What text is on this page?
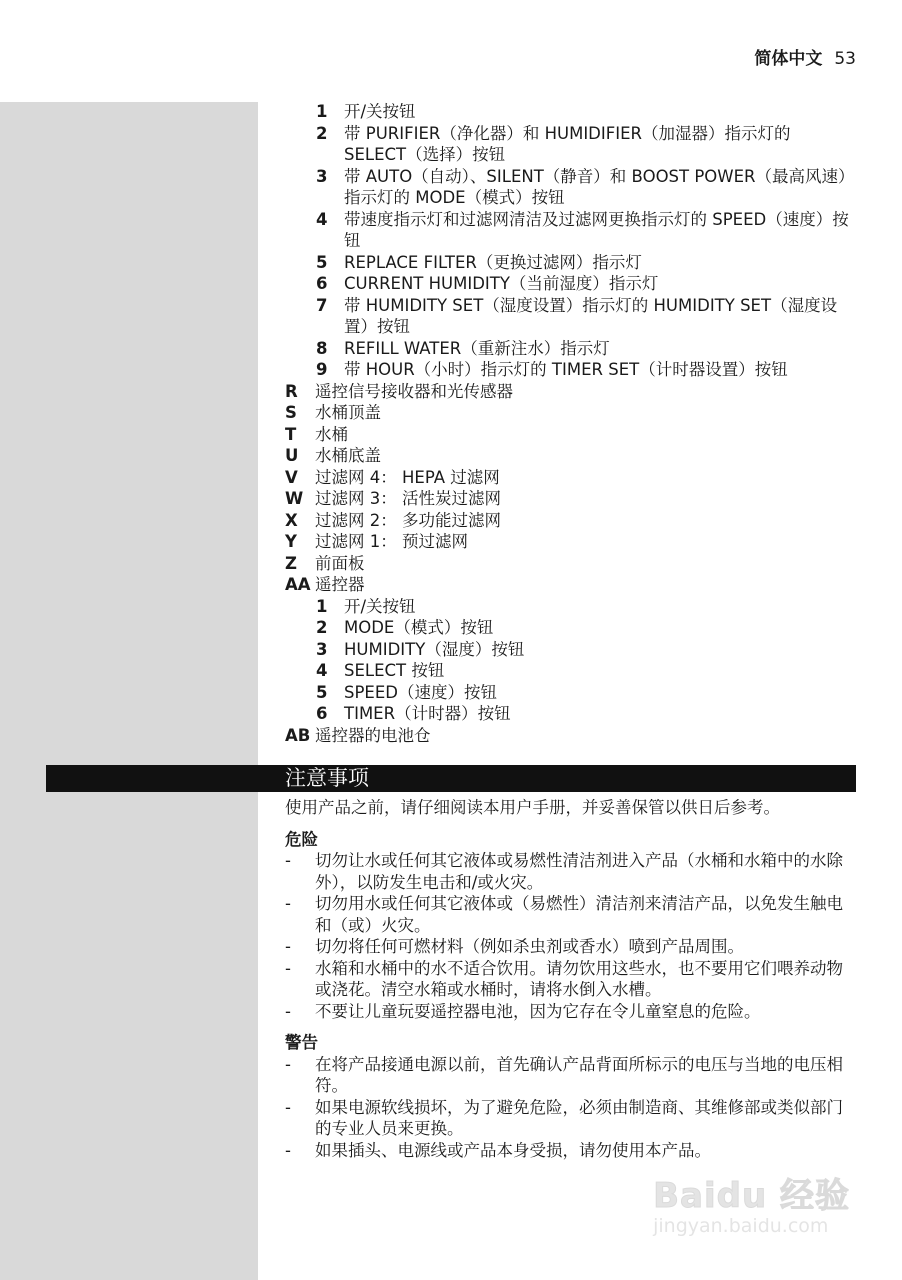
简体中文 53
1	开/关按钮
2	带 PURIFIER（净化器）和 HUMIDIFIER（加湿器）指示灯的 SELECT（选择）按钮
3	带 AUTO（自动）、SILENT（静音）和 BOOST POWER（最高风速）指示灯的 MODE（模式）按钮
4	带速度指示灯和过滤网清洁及过滤网更换指示灯的 SPEED（速度）按钮
5	REPLACE FILTER（更换过滤网）指示灯
6	CURRENT HUMIDITY（当前湿度）指示灯
7	带 HUMIDITY SET（湿度设置）指示灯的 HUMIDITY SET（湿度设置）按钮
8	REFILL WATER（重新注水）指示灯
9	带 HOUR（小时）指示灯的 TIMER SET（计时器设置）按钮
R	遥控信号接收器和光传感器
S	水桶顶盖
T	水桶
U	水桶底盖
V	过滤网 4： HEPA 过滤网
W 过滤网 3： 活性炭过滤网
X	过滤网 2： 多功能过滤网
Y	过滤网 1： 预过滤网
Z	前面板
AA 遥控器
1	开/关按钮
2	MODE（模式）按钮
3	HUMIDITY（湿度）按钮
4	SELECT 按钮
5	SPEED（速度）按钮
6	TIMER（计时器）按钮
AB 遥控器的电池仓
注意事项

使用产品之前，请仔细阅读本用户手册，并妥善保管以供日后参考。

危险
-	切勿让水或任何其它液体或易燃性清洁剂进入产品（水桶和水箱中的水除外），以防发生电击和/或火灾。
-	切勿用水或任何其它液体或（易燃性）清洁剂来清洁产品，以免发生触电和（或）火灾。
-	切勿将任何可燃材料（例如杀虫剂或香水）喷到产品周围。
-	水箱和水桶中的水不适合饮用。请勿饮用这些水，也不要用它们喂养动物或浇花。清空水箱或水桶时，请将水倒入水槽。
-	不要让儿童玩耍遥控器电池，因为它存在令儿童窒息的危险。
警告
-	在将产品接通电源以前，首先确认产品背面所标示的电压与当地的电压相符。
-	如果电源软线损坏，为了避免危险，必须由制造商、其维修部或类似部门的专业人员来更换。
-	如果插头、电源线或产品本身受损，请勿使用本产品。
Baidu 经验
jingyan.baidu.com
